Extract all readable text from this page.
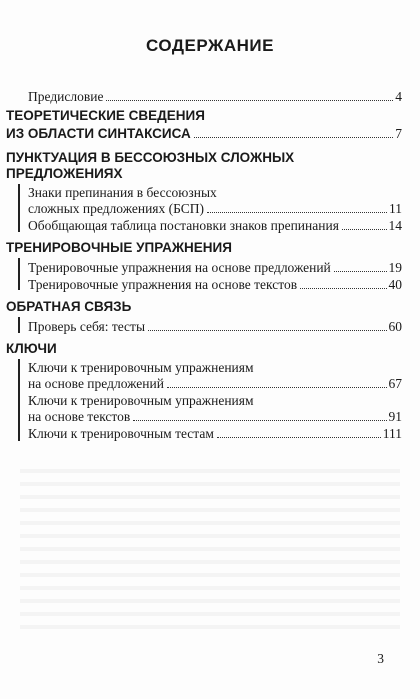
СОДЕРЖАНИЕ
Предисловие	4
ТЕОРЕТИЧЕСКИЕ СВЕДЕНИЯ
ИЗ ОБЛАСТИ СИНТАКСИСА	7
ПУНКТУАЦИЯ В БЕССОЮЗНЫХ СЛОЖНЫХ
ПРЕДЛОЖЕНИЯХ
Знаки препинания в бессоюзных
сложных предложениях (БСП)	11
Обобщающая таблица постановки знаков препинания	14
ТРЕНИРОВОЧНЫЕ УПРАЖНЕНИЯ
Тренировочные упражнения на основе предложений	19
Тренировочные упражнения на основе текстов	40
ОБРАТНАЯ СВЯЗЬ
Проверь себя: тесты	60
КЛЮЧИ
Ключи к тренировочным упражнениям
на основе предложений	67
Ключи к тренировочным упражнениям
на основе текстов	91
Ключи к тренировочным тестам	111
3
